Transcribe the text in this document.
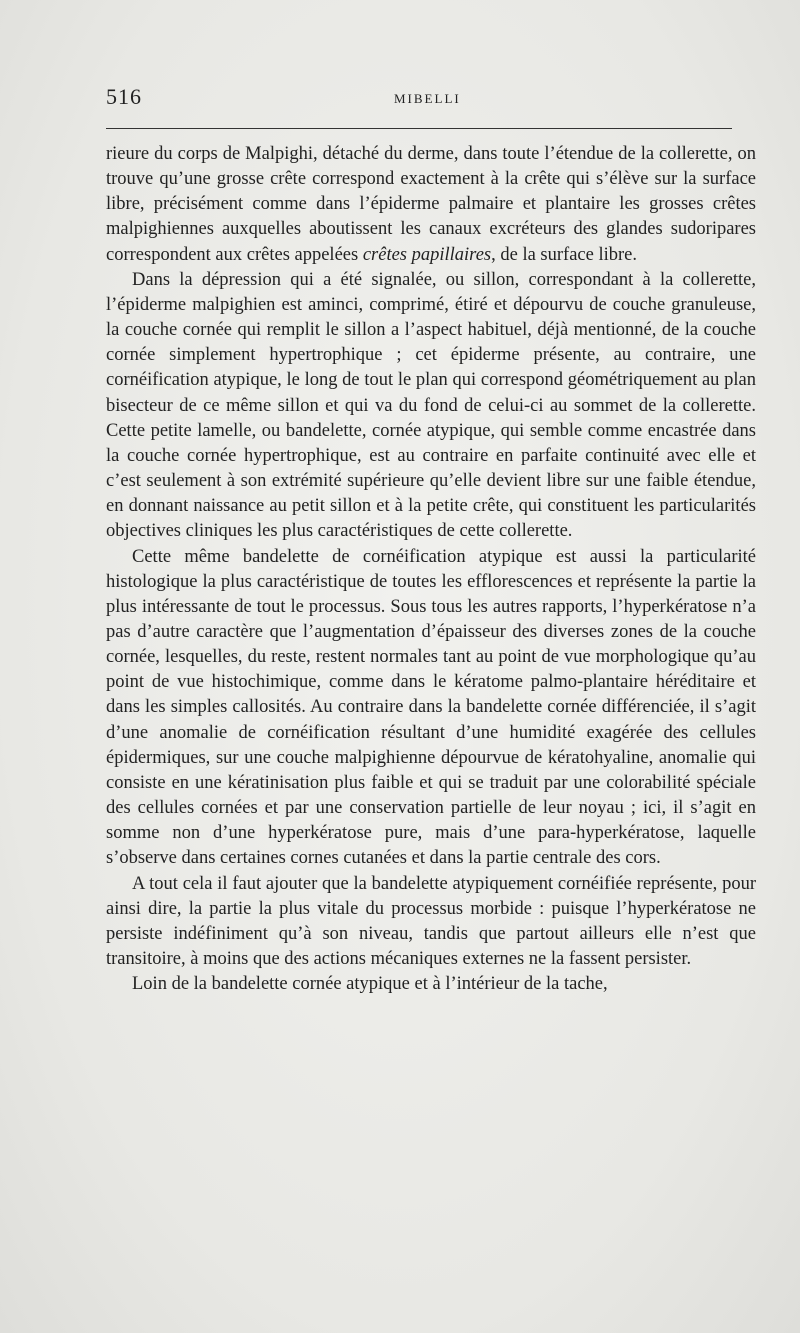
516	MIBELLI

rieure du corps de Malpighi, détaché du derme, dans toute l’étendue de la collerette, on trouve qu’une grosse crête correspond exactement à la crête qui s’élève sur la surface libre, précisément comme dans l’épiderme palmaire et plantaire les grosses crêtes malpighiennes auxquelles aboutissent les canaux excréteurs des glandes sudoripares correspondent aux crêtes appelées crêtes papillaires, de la surface libre.

Dans la dépression qui a été signalée, ou sillon, correspondant à la collerette, l’épiderme malpighien est aminci, comprimé, étiré et dépourvu de couche granuleuse, la couche cornée qui remplit le sillon a l’aspect habituel, déjà mentionné, de la couche cornée simplement hypertrophique ; cet épiderme présente, au contraire, une cornéification atypique, le long de tout le plan qui correspond géométriquement au plan bisecteur de ce même sillon et qui va du fond de celui-ci au sommet de la collerette. Cette petite lamelle, ou bandelette, cornée atypique, qui semble comme encastrée dans la couche cornée hypertrophique, est au contraire en parfaite continuité avec elle et c’est seulement à son extrémité supérieure qu’elle devient libre sur une faible étendue, en donnant naissance au petit sillon et à la petite crête, qui constituent les particularités objectives cliniques les plus caractéristiques de cette collerette.

Cette même bandelette de cornéification atypique est aussi la particularité histologique la plus caractéristique de toutes les efflorescences et représente la partie la plus intéressante de tout le processus. Sous tous les autres rapports, l’hyperkératose n’a pas d’autre caractère que l’augmentation d’épaisseur des diverses zones de la couche cornée, lesquelles, du reste, restent normales tant au point de vue morphologique qu’au point de vue histochimique, comme dans le kératome palmo-plantaire héréditaire et dans les simples callosités. Au contraire dans la bandelette cornée différenciée, il s’agit d’une anomalie de cornéification résultant d’une humidité exagérée des cellules épidermiques, sur une couche malpighienne dépourvue de kératohyaline, anomalie qui consiste en une kératinisation plus faible et qui se traduit par une colorabilité spéciale des cellules cornées et par une conservation partielle de leur noyau ; ici, il s’agit en somme non d’une hyperkératose pure, mais d’une para-hyperkératose, laquelle s’observe dans certaines cornes cutanées et dans la partie centrale des cors.

A tout cela il faut ajouter que la bandelette atypiquement cornéifiée représente, pour ainsi dire, la partie la plus vitale du processus morbide : puisque l’hyperkératose ne persiste indéfiniment qu’à son niveau, tandis que partout ailleurs elle n’est que transitoire, à moins que des actions mécaniques externes ne la fassent persister.

Loin de la bandelette cornée atypique et à l’intérieur de la tache,
